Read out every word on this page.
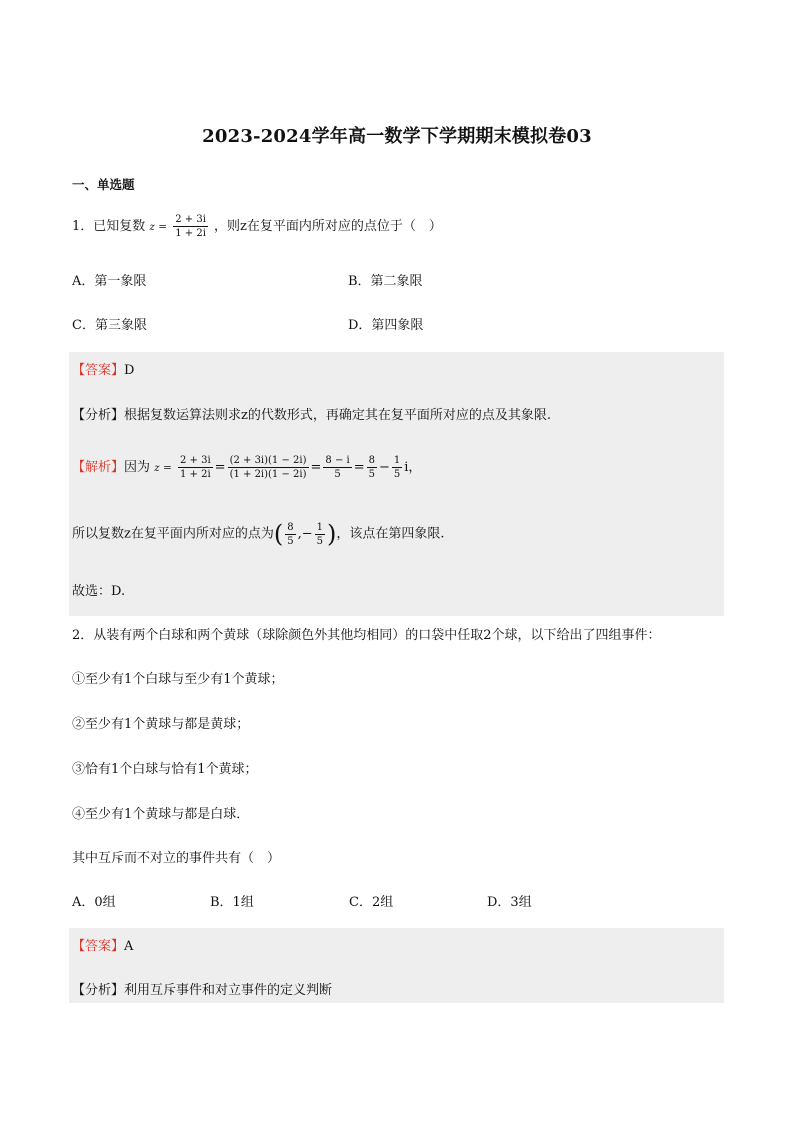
2023-2024学年高一数学下学期期末模拟卷03
一、单选题
1．已知复数 $z = \frac{2 + 3i}{1 + 2i}$ ，则z在复平面内所对应的点位于（　）
A．第一象限	B．第二象限
C．第三象限	D．第四象限
【答案】D
【分析】根据复数运算法则求z的代数形式，再确定其在复平面所对应的点及其象限.
【解析】因为 $z = \frac{2 + 3i}{1 + 2i} = \frac{(2 + 3i)(1 - 2i)}{(1 + 2i)(1 - 2i)} = \frac{8 - i}{5} = \frac{8}{5} - \frac{1}{5}$ i，
所以复数z在复平面内所对应的点为( $\frac{8}{5}$ ,− $\frac{1}{5}$ )，该点在第四象限.
故选：D.
2．从装有两个白球和两个黄球（球除颜色外其他均相同）的口袋中任取2个球，以下给出了四组事件：
①至少有1个白球与至少有1个黄球；
②至少有1个黄球与都是黄球；
③恰有1个白球与恰有1个黄球；
④至少有1个黄球与都是白球．
其中互斥而不对立的事件共有（　）
A．0组	B．1组	C．2组	D．3组
【答案】A
【分析】利用互斥事件和对立事件的定义判断
